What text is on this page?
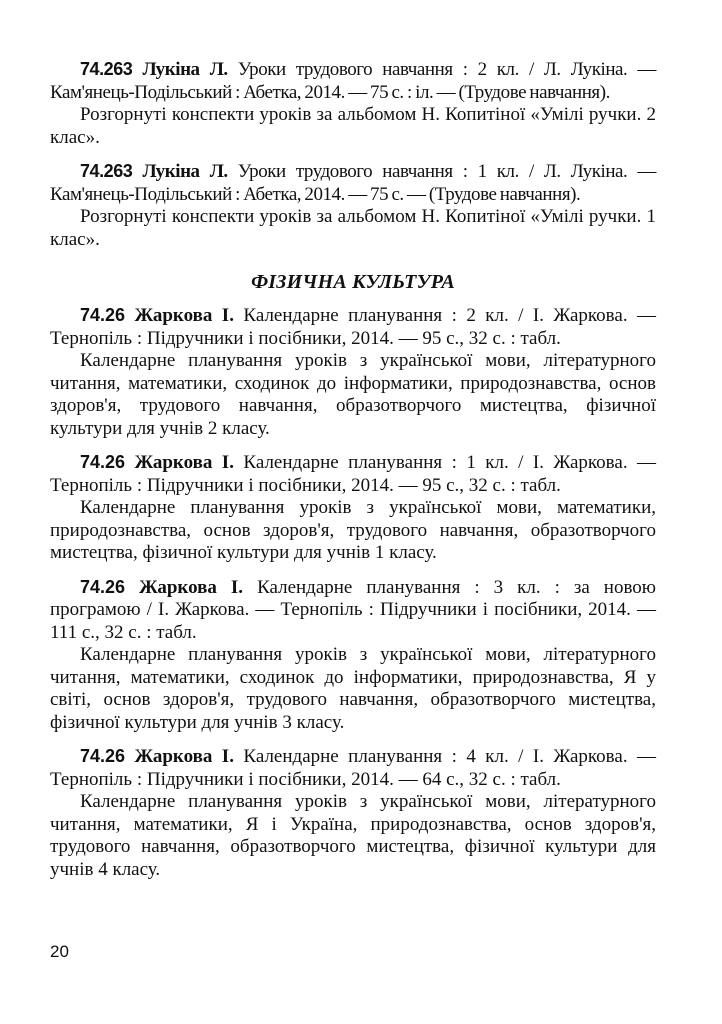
74.263 Лукіна Л. Уроки трудового навчання : 2 кл. / Л. Лукіна. — Кам'янець-Подільський : Абетка, 2014. — 75 с. : іл. — (Трудове навчання).

Розгорнуті конспекти уроків за альбомом Н. Копитіної «Умілі ручки. 2 клас».

74.263 Лукіна Л. Уроки трудового навчання : 1 кл. / Л. Лукіна. — Кам'янець-Подільський : Абетка, 2014. — 75 с. — (Трудове навчання).

Розгорнуті конспекти уроків за альбомом Н. Копитіної «Умілі ручки. 1 клас».

ФІЗИЧНА КУЛЬТУРА

74.26 Жаркова І. Календарне планування : 2 кл. / І. Жаркова. — Тернопіль : Підручники і посібники, 2014. — 95 с., 32 с. : табл.

Календарне планування уроків з української мови, літературного читання, математики, сходинок до інформатики, природознавства, основ здоров'я, трудового навчання, образотворчого мистецтва, фізичної культури для учнів 2 класу.

74.26 Жаркова І. Календарне планування : 1 кл. / І. Жаркова. — Тернопіль : Підручники і посібники, 2014. — 95 с., 32 с. : табл.

Календарне планування уроків з української мови, математики, природознавства, основ здоров'я, трудового навчання, образотворчого мистецтва, фізичної культури для учнів 1 класу.

74.26 Жаркова І. Календарне планування : 3 кл. : за новою програмою / І. Жаркова. — Тернопіль : Підручники і посібники, 2014. — 111 с., 32 с. : табл.

Календарне планування уроків з української мови, літературного читання, математики, сходинок до інформатики, природознавства, Я у світі, основ здоров'я, трудового навчання, образотворчого мистецтва, фізичної культури для учнів 3 класу.

74.26 Жаркова І. Календарне планування : 4 кл. / І. Жаркова. — Тернопіль : Підручники і посібники, 2014. — 64 с., 32 с. : табл.

Календарне планування уроків з української мови, літературного читання, математики, Я і Україна, природознавства, основ здоров'я, трудового навчання, образотворчого мистецтва, фізичної культури для учнів 4 класу.

20
